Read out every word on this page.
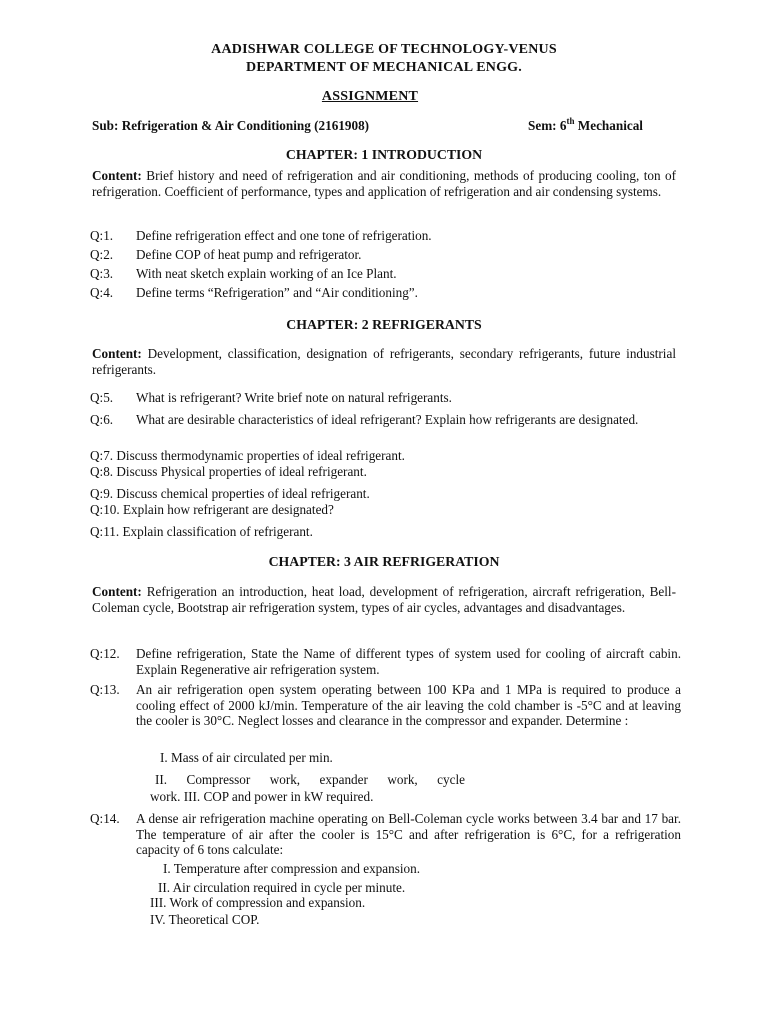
AADISHWAR COLLEGE OF TECHNOLOGY-VENUS
DEPARTMENT OF MECHANICAL ENGG.
ASSIGNMENT
Sub: Refrigeration & Air Conditioning (2161908)	Sem: 6th Mechanical
CHAPTER: 1 INTRODUCTION
Content: Brief history and need of refrigeration and air conditioning, methods of producing cooling, ton of refrigeration. Coefficient of performance, types and application of refrigeration and air condensing systems.
Q:1. Define refrigeration effect and one tone of refrigeration.
Q:2. Define COP of heat pump and refrigerator.
Q:3. With neat sketch explain working of an Ice Plant.
Q:4. Define terms “Refrigeration” and “Air conditioning”.
CHAPTER: 2 REFRIGERANTS
Content: Development, classification, designation of refrigerants, secondary refrigerants, future industrial refrigerants.
Q:5. What is refrigerant? Write brief note on natural refrigerants.
Q:6. What are desirable characteristics of ideal refrigerant? Explain how refrigerants are designated.
Q:7. Discuss thermodynamic properties of ideal refrigerant.
Q:8. Discuss Physical properties of ideal refrigerant.
Q:9. Discuss chemical properties of ideal refrigerant.
Q:10. Explain how refrigerant are designated?
Q:11. Explain classification of refrigerant.
CHAPTER: 3 AIR REFRIGERATION
Content: Refrigeration an introduction, heat load, development of refrigeration, aircraft refrigeration, Bell-Coleman cycle, Bootstrap air refrigeration system, types of air cycles, advantages and disadvantages.
Q:12. Define refrigeration, State the Name of different types of system used for cooling of aircraft cabin. Explain Regenerative air refrigeration system.
Q:13. An air refrigeration open system operating between 100 KPa and 1 MPa is required to produce a cooling effect of 2000 kJ/min. Temperature of the air leaving the cold chamber is -5°C and at leaving the cooler is 30°C. Neglect losses and clearance in the compressor and expander. Determine :
I. Mass of air circulated per min.
II. Compressor work, expander work, cycle
work. III. COP and power in kW required.
Q:14. A dense air refrigeration machine operating on Bell-Coleman cycle works between 3.4 bar and 17 bar. The temperature of air after the cooler is 15°C and after refrigeration is 6°C, for a refrigeration capacity of 6 tons calculate:
I. Temperature after compression and expansion.
II. Air circulation required in cycle per minute.
III. Work of compression and expansion.
IV. Theoretical COP.
